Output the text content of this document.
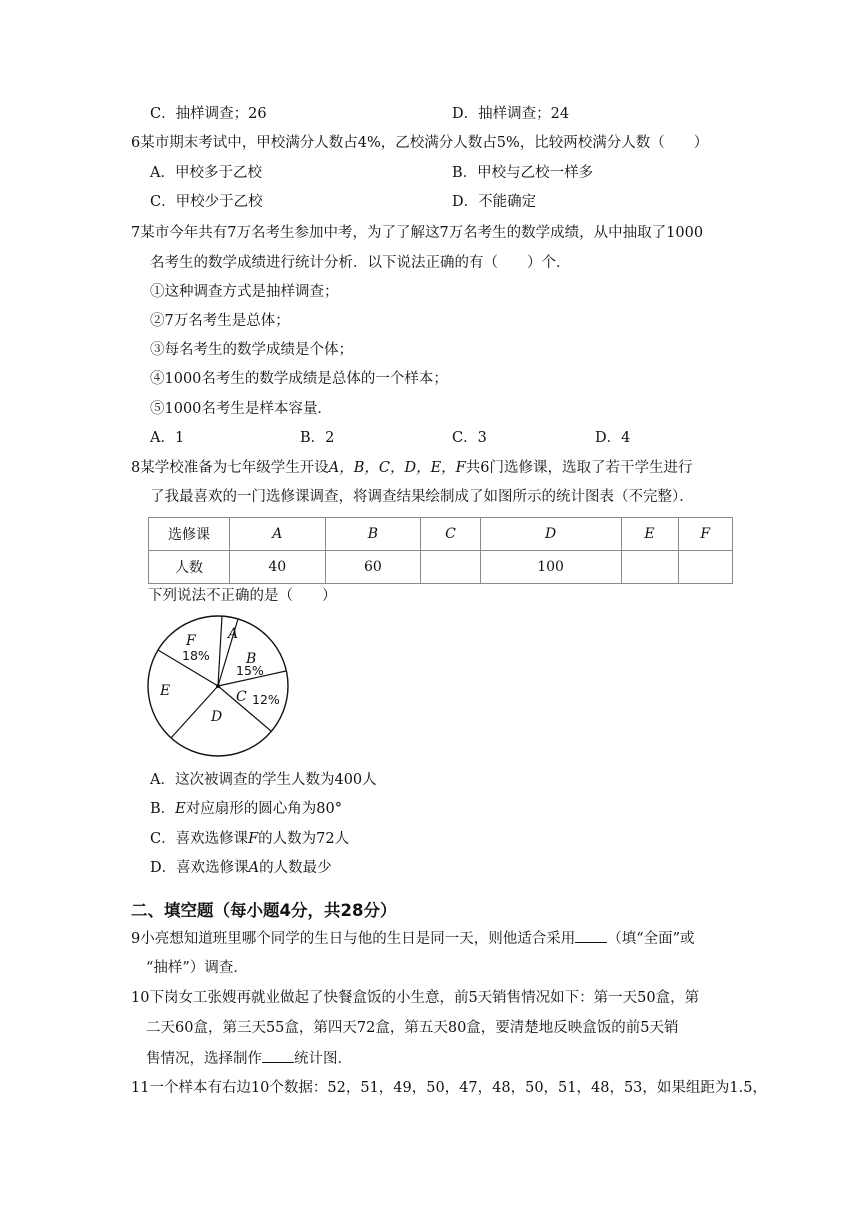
C．抽样调查；26	D．抽样调查；24
6某市期末考试中，甲校满分人数占4%，乙校满分人数占5%，比较两校满分人数（　　）
A．甲校多于乙校	B．甲校与乙校一样多
C．甲校少于乙校	D．不能确定
7某市今年共有7万名考生参加中考，为了了解这7万名考生的数学成绩，从中抽取了1000
名考生的数学成绩进行统计分析．以下说法正确的有（　　）个．
①这种调查方式是抽样调查；
②7万名考生是总体；
③每名考生的数学成绩是个体；
④1000名考生的数学成绩是总体的一个样本；
⑤1000名考生是样本容量．
A．1	B．2	C．3	D．4
8某学校准备为七年级学生开设A，B，C，D，E，F共6门选修课，选取了若干学生进行
了我最喜欢的一门选修课调查，将调查结果绘制成了如图所示的统计图表（不完整）．
选修课	A	B	C	D	E	F
人数	40	60		100		
下列说法不正确的是（　　）
A
B
C
D
E
F
15%
12%
18%
A．这次被调查的学生人数为400人
B．E对应扇形的圆心角为80°
C．喜欢选修课F的人数为72人
D．喜欢选修课A的人数最少
二、填空题（每小题4分，共28分）
9小亮想知道班里哪个同学的生日与他的生日是同一天，则他适合采用 （填“全面”或
“抽样”）调查．
10下岗女工张嫂再就业做起了快餐盒饭的小生意，前5天销售情况如下：第一天50盒，第
二天60盒，第三天55盒，第四天72盒，第五天80盒，要清楚地反映盒饭的前5天销
售情况，选择制作 统计图．
11一个样本有右边10个数据：52，51，49，50，47，48，50，51，48，53，如果组距为1.5，
